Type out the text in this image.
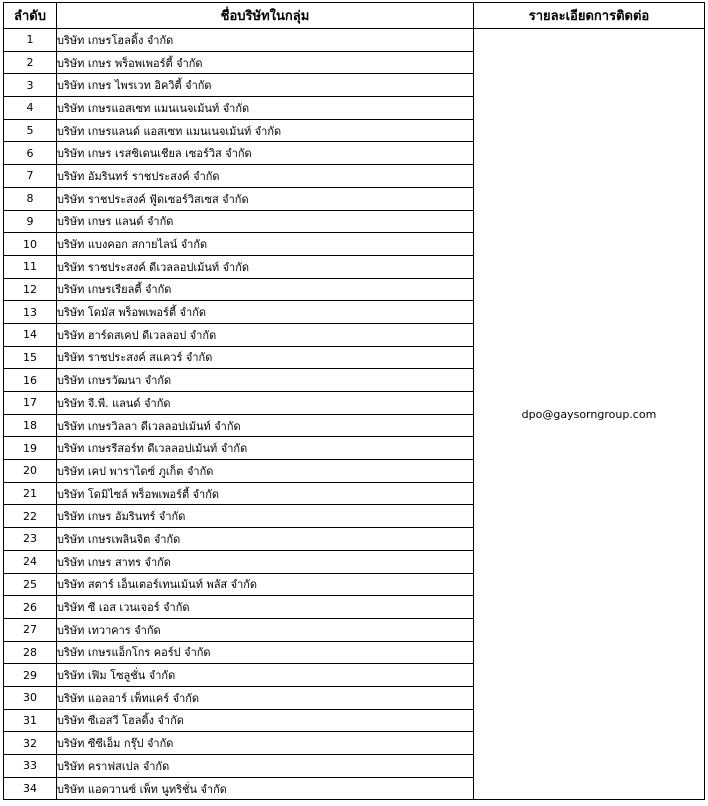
ลำดับ	ชื่อบริษัทในกลุ่ม	รายละเอียดการติดต่อ
1	บริษัท เกษรโฮลดิ้ง จำกัด	dpo@gaysorngroup.com
2	บริษัท เกษร พร็อพเพอร์ตี้ จำกัด	
3	บริษัท เกษร ไพรเวท อิควิตี้ จำกัด	
4	บริษัท เกษรแอสเซท แมนเนจเม้นท์ จำกัด	
5	บริษัท เกษรแลนด์ แอสเซท แมนเนจเม้นท์ จำกัด	
6	บริษัท เกษร เรสซิเดนเชียล เซอร์วิส จำกัด	
7	บริษัท อัมรินทร์ ราชประสงค์ จำกัด	
8	บริษัท ราชประสงค์ ฟู้ดเซอร์วิสเซส จำกัด	
9	บริษัท เกษร แลนด์ จำกัด	
10	บริษัท แบงคอก สกายไลน์ จำกัด	
11	บริษัท ราชประสงค์ ดีเวลลอปเม้นท์ จำกัด	
12	บริษัท เกษรเรียลตี้ จำกัด	
13	บริษัท โดมัส พร็อพเพอร์ตี้ จำกัด	
14	บริษัท ฮาร์ดสเคป ดีเวลลอป จำกัด	
15	บริษัท ราชประสงค์ สแควร์ จำกัด	
16	บริษัท เกษรวัฒนา จำกัด	
17	บริษัท จี.พี. แลนด์ จำกัด	
18	บริษัท เกษรวิลลา ดีเวลลอปเม้นท์ จำกัด	
19	บริษัท เกษรรีสอร์ท ดีเวลลอปเม้นท์ จำกัด	
20	บริษัท เคป พาราไดซ์ ภูเก็ต จำกัด	
21	บริษัท โดมิไซล์ พร็อพเพอร์ตี้ จำกัด	
22	บริษัท เกษร อัมรินทร์ จำกัด	
23	บริษัท เกษรเพลินจิต จำกัด	
24	บริษัท เกษร สาทร จำกัด	
25	บริษัท สตาร์ เอ็นเตอร์เทนเม้นท์ พลัส จำกัด	
26	บริษัท ซี เอส เวนเจอร์ จำกัด	
27	บริษัท เทวาคาร จำกัด	
28	บริษัท เกษรแอ็กโกร คอร์ป จำกัด	
29	บริษัท เฟิม โซลูชั่น จำกัด	
30	บริษัท แอลอาร์ เพ็ทแคร์ จำกัด	
31	บริษัท ซีเอสวี โฮลดิ้ง จำกัด	
32	บริษัท ซีซีเอ็ม กรุ๊ป จำกัด	
33	บริษัท คราฟสเปล จำกัด	
34	บริษัท แอดวานซ์ เพ็ท นูทริชั่น จำกัด	
